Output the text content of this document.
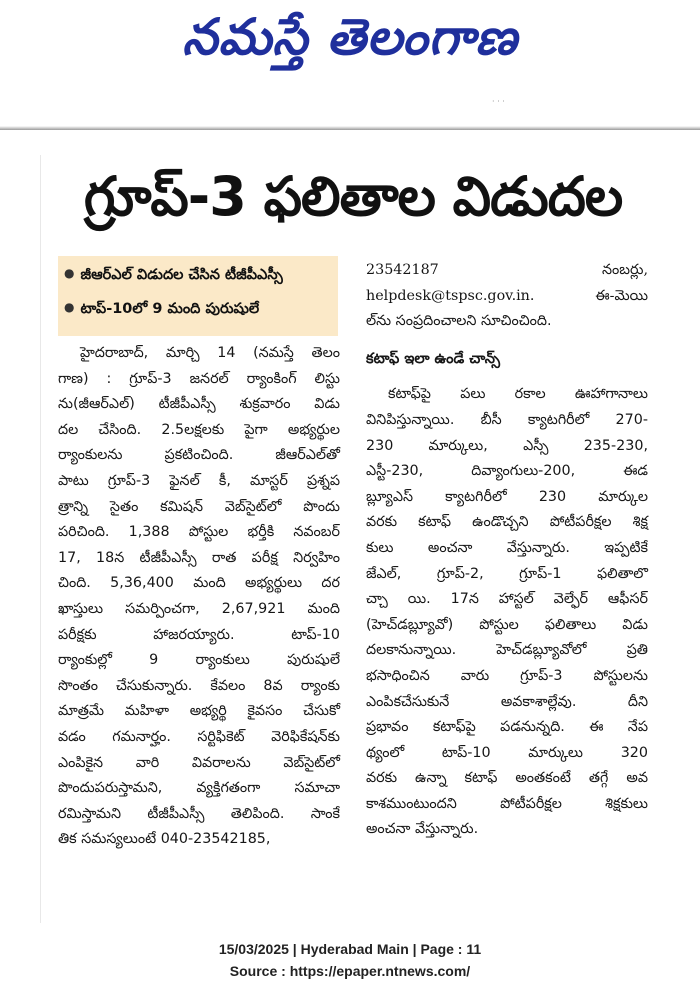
నమస్తే తెలంగాణ
· · ·
గ్రూప్-3 ఫలితాల విడుదల
● జీఆర్‌ఎల్ విడుదల చేసిన టీజీపీఎస్సీ
● టాప్-10లో 9 మంది పురుషులే
హైదరాబాద్, మార్చి 14 (నమస్తే తెలం
గాణ) : గ్రూప్-3 జనరల్ ర్యాంకింగ్ లిస్టు
ను(జీఆర్‌ఎల్) టీజీపీఎస్సీ శుక్రవారం విడు
దల చేసింది. 2.5లక్షలకు పైగా అభ్యర్థుల
ర్యాంకులను ప్రకటించింది. జీఆర్‌ఎల్‌తో
పాటు గ్రూప్-3 ఫైనల్ కీ, మాస్టర్ ప్రశ్నప
త్రాన్ని సైతం కమిషన్ వెబ్‌సైట్‌లో పొందు
పరిచింది. 1,388 పోస్టుల భర్తీకి నవంబర్
17, 18న టీజీపీఎస్సీ రాత పరీక్ష నిర్వహిం
చింది. 5,36,400 మంది అభ్యర్థులు దర
ఖాస్తులు సమర్పించగా, 2,67,921 మంది
పరీక్షకు హాజరయ్యారు. టాప్-10
ర్యాంకుల్లో 9 ర్యాంకులు పురుషులే
సొంతం చేసుకున్నారు. కేవలం 8వ ర్యాంకు
మాత్రమే మహిళా అభ్యర్థి కైవసం చేసుకో
వడం గమనార్హం. సర్టిఫికెట్ వెరిఫికేషన్‌కు
ఎంపికైన వారి వివరాలను వెబ్‌సైట్‌లో
పొందుపరుస్తామని, వ్యక్తిగతంగా సమాచా
రమిస్తామని టీజీపీఎస్సీ తెలిపింది. సాంకే
తిక సమస్యలుంటే 040-23542185,
23542187 నంబర్లు,
helpdesk@tspsc.gov.in. ఈ-మెయి
ల్‌ను సంప్రదించాలని సూచించింది.
కటాఫ్ ఇలా ఉండే చాన్స్
కటాఫ్‌పై పలు రకాల ఊహాగానాలు
వినిపిస్తున్నాయి. బీసీ క్యాటగిరీలో 270-
230 మార్కులు, ఎస్సీ 235-230,
ఎస్టీ-230, దివ్యాంగులు-200, ఈడ
బ్ల్యూఎస్ క్యాటగిరీలో 230 మార్కుల
వరకు కటాఫ్ ఉండొచ్చని పోటీపరీక్షల శిక్ష
కులు అంచనా వేస్తున్నారు. ఇప్పటికే
జేఎల్, గ్రూప్-2, గ్రూప్-1 ఫలితాలొ
చ్చా యి. 17న హాస్టల్ వెల్ఫేర్ ఆఫీసర్
(హెచ్‌డబ్ల్యూవో) పోస్టుల ఫలితాలు విడు
దలకానున్నాయి. హెచ్‌డబ్ల్యూవోలో ప్రతి
భసాధించిన వారు గ్రూప్-3 పోస్టులను
ఎంపికచేసుకునే అవకాశాల్లేవు. దీని
ప్రభావం కటాఫ్‌పై పడనున్నది. ఈ నేప
థ్యంలో టాప్-10 మార్కులు 320
వరకు ఉన్నా కటాఫ్ అంతకంటే తగ్గే అవ
కాశముంటుందని పోటీపరీక్షల శిక్షకులు
అంచనా వేస్తున్నారు.
15/03/2025 | Hyderabad Main | Page : 11
Source : https://epaper.ntnews.com/
